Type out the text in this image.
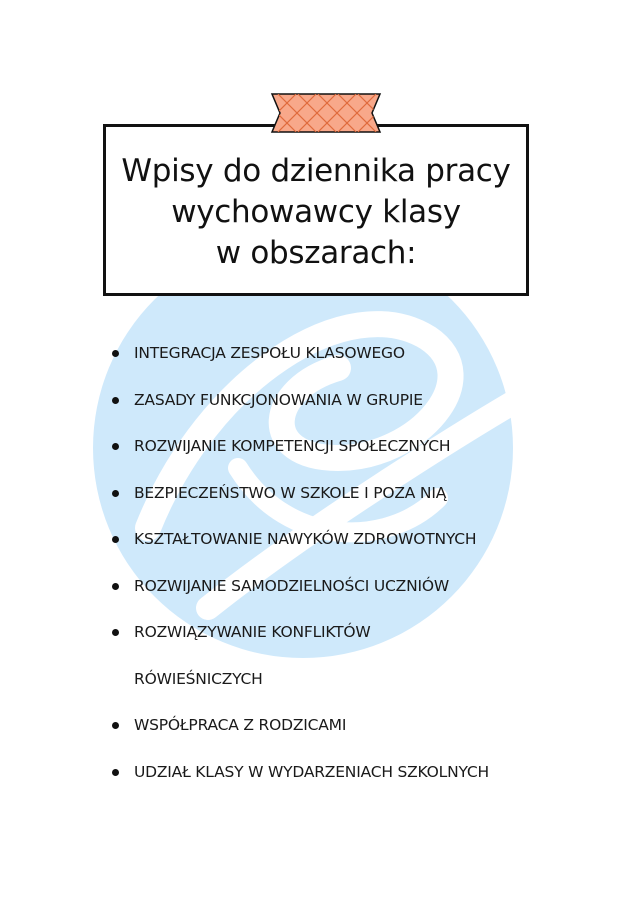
Wpisy do dziennika pracy
wychowawcy klasy
w obszarach:
INTEGRACJA ZESPOŁU KLASOWEGO
ZASADY FUNKCJONOWANIA W GRUPIE
ROZWIJANIE KOMPETENCJI SPOŁECZNYCH
BEZPIECZEŃSTWO W SZKOLE I POZA NIĄ
KSZTAŁTOWANIE NAWYKÓW ZDROWOTNYCH
ROZWIJANIE SAMODZIELNOŚCI UCZNIÓW
ROZWIĄZYWANIE KONFLIKTÓW
RÓWIEŚNICZYCH
WSPÓŁPRACA Z RODZICAMI
UDZIAŁ KLASY W WYDARZENIACH SZKOLNYCH
